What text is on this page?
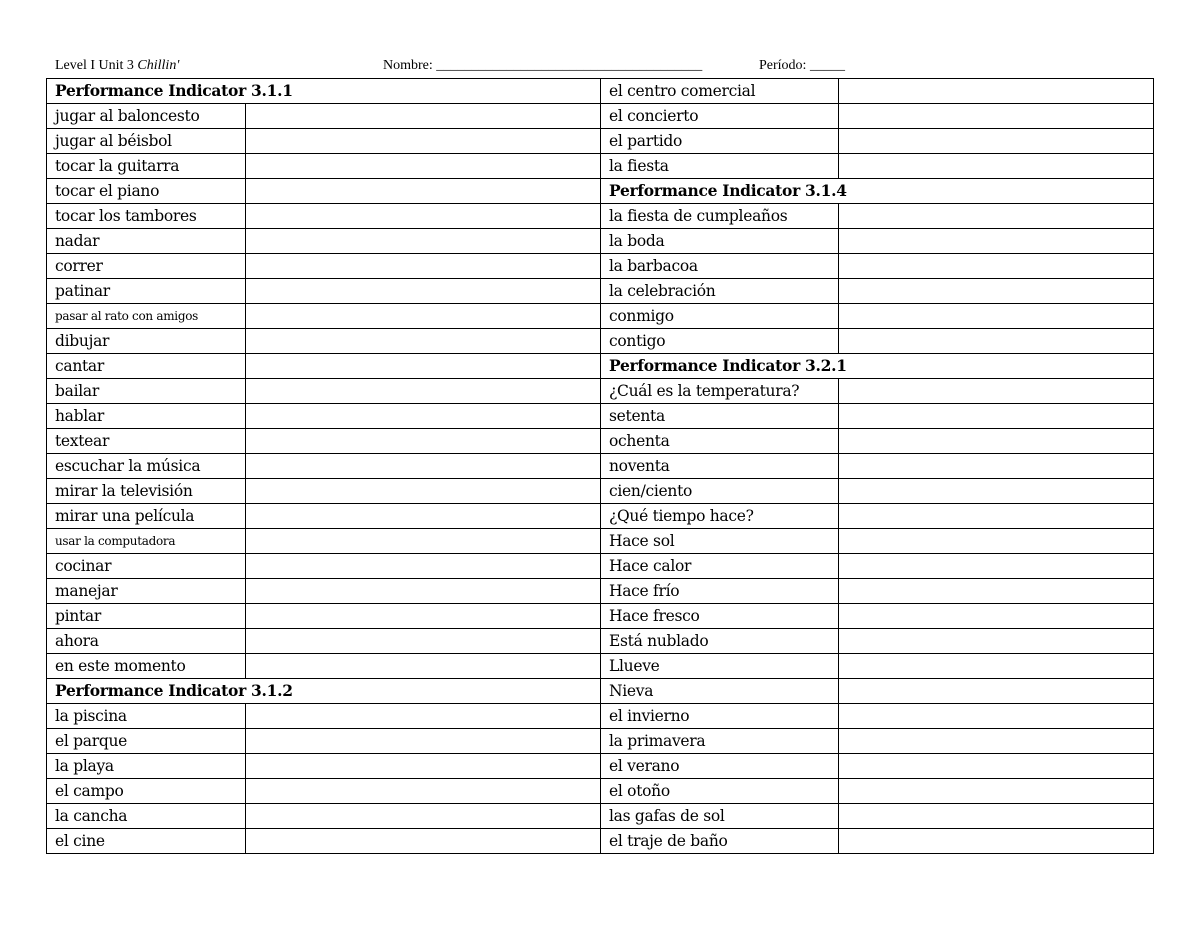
Level I Unit 3 Chillin'	Nombre: ______________________________________	Período: _____
Performance Indicator 3.1.1		el centro comercial	
jugar al baloncesto		el concierto	
jugar al béisbol		el partido	
tocar la guitarra		la fiesta	
tocar el piano		Performance Indicator 3.1.4	
tocar los tambores		la fiesta de cumpleaños	
nadar		la boda	
correr		la barbacoa	
patinar		la celebración	
pasar al rato con amigos		conmigo	
dibujar		contigo	
cantar		Performance Indicator 3.2.1	
bailar		¿Cuál es la temperatura?	
hablar		setenta	
textear		ochenta	
escuchar la música		noventa	
mirar la televisión		cien/ciento	
mirar una película		¿Qué tiempo hace?	
usar la computadora		Hace sol	
cocinar		Hace calor	
manejar		Hace frío	
pintar		Hace fresco	
ahora		Está nublado	
en este momento		Llueve	
Performance Indicator 3.1.2		Nieva	
la piscina		el invierno	
el parque		la primavera	
la playa		el verano	
el campo		el otoño	
la cancha		las gafas de sol	
el cine		el traje de baño	
